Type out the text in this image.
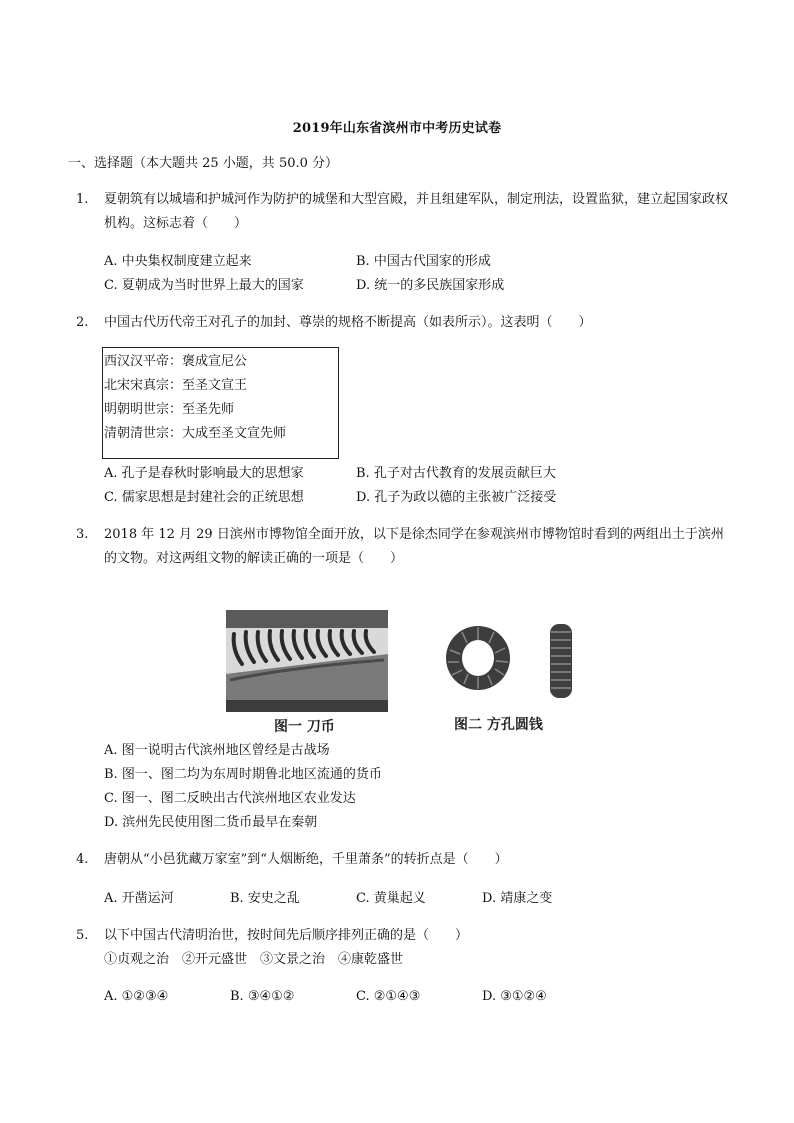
2019年山东省滨州市中考历史试卷
一、选择题（本大题共 25 小题，共 50.0 分）
1.	夏朝筑有以城墙和护城河作为防护的城堡和大型宫殿，并且组建军队，制定刑法，设置监狱，建立起国家政权机构。这标志着（　　）
A. 中央集权制度建立起来	B. 中国古代国家的形成
C. 夏朝成为当时世界上最大的国家	D. 统一的多民族国家形成
2.	中国古代历代帝王对孔子的加封、尊崇的规格不断提高（如表所示）。这表明（　　）
西汉汉平帝：褒成宣尼公
北宋宋真宗：至圣文宣王
明朝明世宗：至圣先师
清朝清世宗：大成至圣文宣先师
A. 孔子是春秋时影响最大的思想家	B. 孔子对古代教育的发展贡献巨大
C. 儒家思想是封建社会的正统思想	D. 孔子为政以德的主张被广泛接受
3.	2018 年 12 月 29 日滨州市博物馆全面开放，以下是徐杰同学在参观滨州市博物馆时看到的两组出土于滨州的文物。对这两组文物的解读正确的一项是（　　）
图一 刀币	图二 方孔圆钱
A. 图一说明古代滨州地区曾经是古战场
B. 图一、图二均为东周时期鲁北地区流通的货币
C. 图一、图二反映出古代滨州地区农业发达
D. 滨州先民使用图二货币最早在秦朝
4.	唐朝从“小邑犹藏万家室”到“人烟断绝，千里萧条”的转折点是（　　）
A. 开凿运河	B. 安史之乱	C. 黄巢起义	D. 靖康之变
5.	以下中国古代清明治世，按时间先后顺序排列正确的是（　　）
①贞观之治　②开元盛世　③文景之治　④康乾盛世
A. ①②③④	B. ③④①②	C. ②①④③	D. ③①②④
